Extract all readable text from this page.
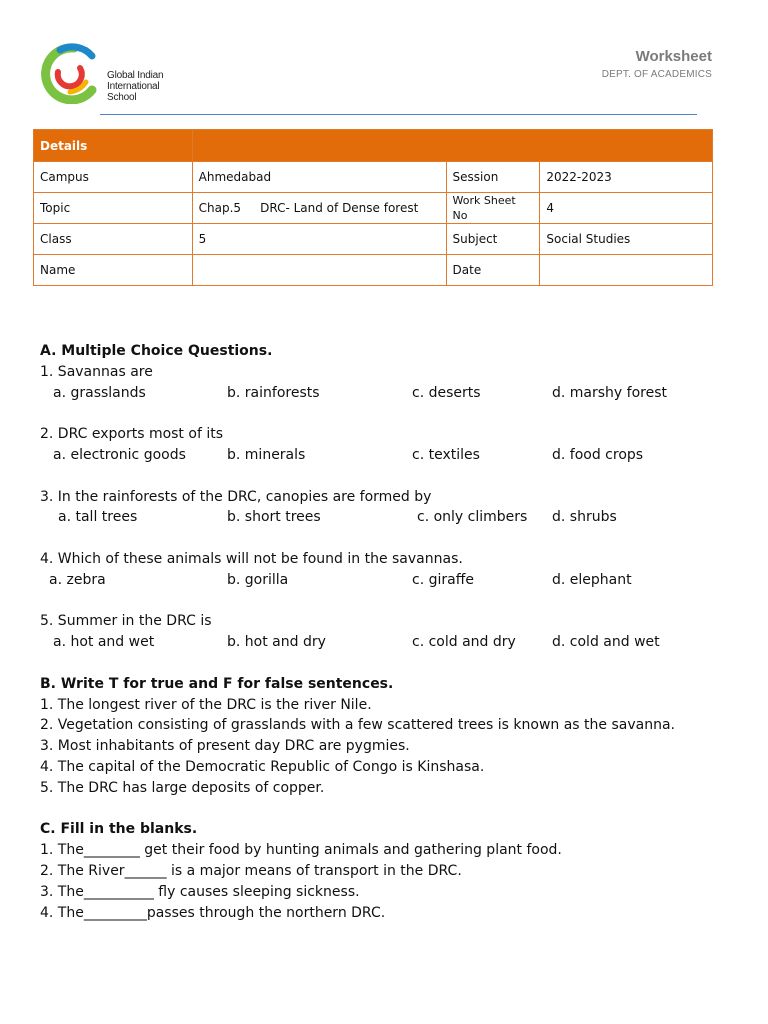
Global Indian
International
School
Worksheet
DEPT. OF ACADEMICS
Details			
Campus	Ahmedabad	Session	2022-2023
Topic	Chap.5     DRC- Land of Dense forest	Work Sheet No	4
Class	5	Subject	Social Studies
Name		Date	
A. Multiple Choice Questions.
1. Savannas are
a. grasslands	b. rainforests	c. deserts	d. marshy forest
2. DRC exports most of its
a. electronic goods	b. minerals	c. textiles	d. food crops
3. In the rainforests of the DRC, canopies are formed by
a. tall trees	b. short trees	c. only climbers d. shrubs
4. Which of these animals will not be found in the savannas.
a. zebra	b. gorilla	c. giraffe	d. elephant
5. Summer in the DRC is
a. hot and wet	b. hot and dry	c. cold and dry	d. cold and wet
B. Write T for true and F for false sentences.
1. The longest river of the DRC is the river Nile.
2. Vegetation consisting of grasslands with a few scattered trees is known as the savanna.
3. Most inhabitants of present day DRC are pygmies.
4. The capital of the Democratic Republic of Congo is Kinshasa.
5. The DRC has large deposits of copper.
C. Fill in the blanks.
1. The________ get their food by hunting animals and gathering plant food.
2. The River______ is a major means of transport in the DRC.
3. The__________ fly causes sleeping sickness.
4. The_________passes through the northern DRC.
